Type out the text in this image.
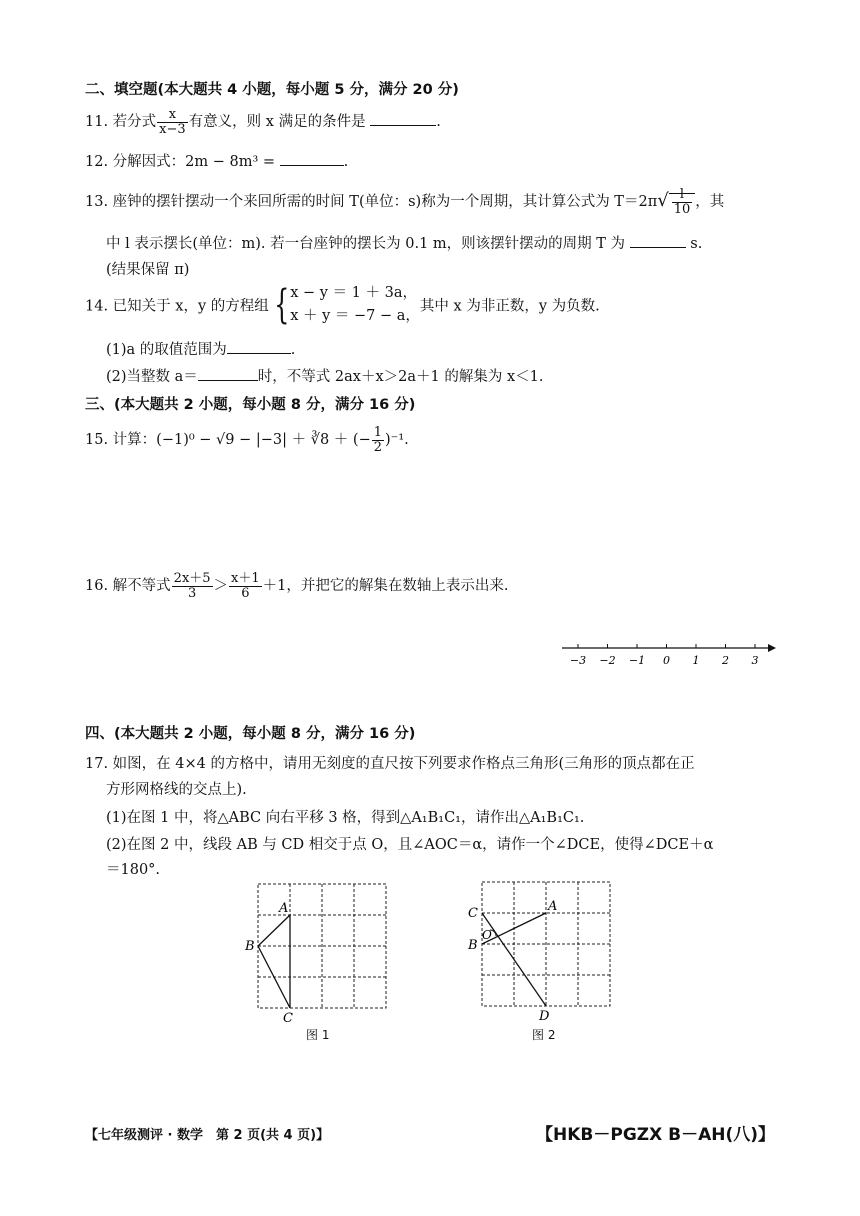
二、填空题(本大题共 4 小题，每小题 5 分，满分 20 分)
11. 若分式 $\frac{x}{x-3}$ 有意义，则 x 满足的条件是	.
12. 分解因式：2m − 8m³ =	.
13. 座钟的摆针摆动一个来回所需的时间 T(单位：s)称为一个周期，其计算公式为 $T=2\pi√ \frac{l}{10}$ ，其
中 l 表示摆长(单位：m). 若一台座钟的摆长为 0.1 m，则该摆针摆动的周期 T 为	s.
(结果保留 π)
14. 已知关于 x，y 的方程组 { x − y ＝ 1 ＋ 3a，
x ＋ y ＝ −7 − a，
其中 x 为非正数，y 为负数.
(1)a 的取值范围为	.
(2)当整数 a＝	时，不等式 2ax＋x＞2a＋1 的解集为 x＜1.
三、(本大题共 2 小题，每小题 8 分，满分 16 分)
15. 计算：(−1)⁰ − √9 − |−3| ＋ ∛8 ＋ (− $\frac{1}{2} )^{-1}$.
16. 解不等式 $\frac{2x+5}{3} > \frac{x+1}{6} +1$，并把它的解集在数轴上表示出来.
−3 −2 −1 0 1 2 3
四、(本大题共 2 小题，每小题 8 分，满分 16 分)
17. 如图，在 4×4 的方格中，请用无刻度的直尺按下列要求作格点三角形(三角形的顶点都在正
方形网格线的交点上).
(1)在图 1 中，将△ABC 向右平移 3 格，得到△A₁B₁C₁，请作出△A₁B₁C₁.
(2)在图 2 中，线段 AB 与 CD 相交于点 O，且∠AOC＝α，请作一个∠DCE，使得∠DCE＋α
＝180°.
A
B
C
图 1
C
B
O
A
D
图 2
【七年级测评 · 数学　第 2 页(共 4 页)】	【HKB－PGZX B－AH(八)】
